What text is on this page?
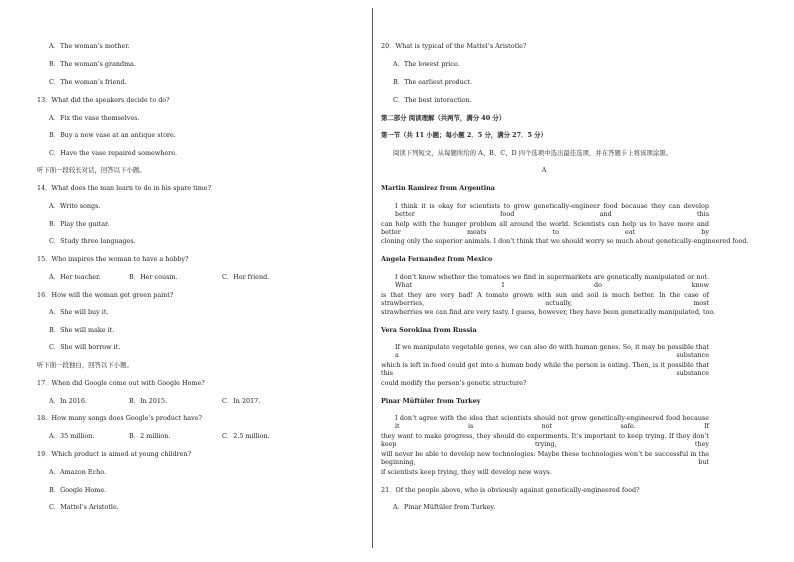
A．The woman’s mother.
B．The woman’s grandma.
C．The woman’s friend.
13．What did the speakers decide to do?
A．Fix the vase themselves.
B．Buy a new vase at an antique store.
C．Have the vase repaired somewhere.
听下面一段较长对话，回答以下小题。
14．What does the man learn to do in his spare time?
A．Write songs.
B．Play the guitar.
C．Study three languages.
15．Who inspires the woman to have a hobby?
A．Her teacher.	B．Her cousin.	C．Her friend.
16．How will the woman get green paint?
A．She will buy it.
B．She will make it.
C．She will borrow it.
听下面一段独白，回答以下小题。
17．When did Google come out with Google Home?
A．In 2016.	B．In 2015.	C．In 2017.
18．How many songs does Google’s product have?
A．35 million.	B．2 million.	C．2.5 million.
19．Which product is aimed at young children?
A．Amazon Echo.
B．Google Home.
C．Mattel’s Aristotle.
20．What is typical of the Mattel’s Aristotle?
A．The lowest price.
B．The earliest product.
C．The best interaction.
第二部分 阅读理解（共两节，满分 40 分）
第一节（共 11 小题；每小题 2．5 分，满分 27．5 分）
阅读下列短文，从每题所给的 A、B、C、D 四个选项中选出最佳选项，并在答题卡上将该项涂黑。
A
Martin Ramirez from Argentina
I think it is okay for scientists to grow genetically-engineer food because they can develop better food and this
can help with the hunger problem all around the world. Scientists can help us to have more and better meats to eat by
cloning only the superior animals. I don’t think that we should worry so much about genetically-engineered food.
Angela Fernandez from Mexico
I don’t know whether the tomatoes we find in supermarkets are genetically manipulated or not. What I do know
is that they are very bad! A tomato grown with sun and soil is much better. In the case of strawberries, actually, most
strawberries we can find are very tasty. I guess, however, they have been genetically manipulated, too.
Vera Sorokina from Russia
If we manipulate vegetable genes, we can also do with human genes. So, it may be possible that a substance
which is left in food could get into a human body while the person is eating. Then, is it possible that this substance
could modify the person’s genetic structure?
Pinar Müftüler from Turkey
I don’t agree with the idea that scientists should not grow genetically-engineered food because it is not safe. If
they want to make progress, they should do experiments. It’s important to keep trying. If they don’t keep trying, they
will never be able to develop new technologies. Maybe these technologies won’t be successful in the beginning, but
if scientists keep trying, they will develop new ways.
21．Of the people above, who is obviously against genetically-engineered food?
A．Pinar Müftüler from Turkey.
